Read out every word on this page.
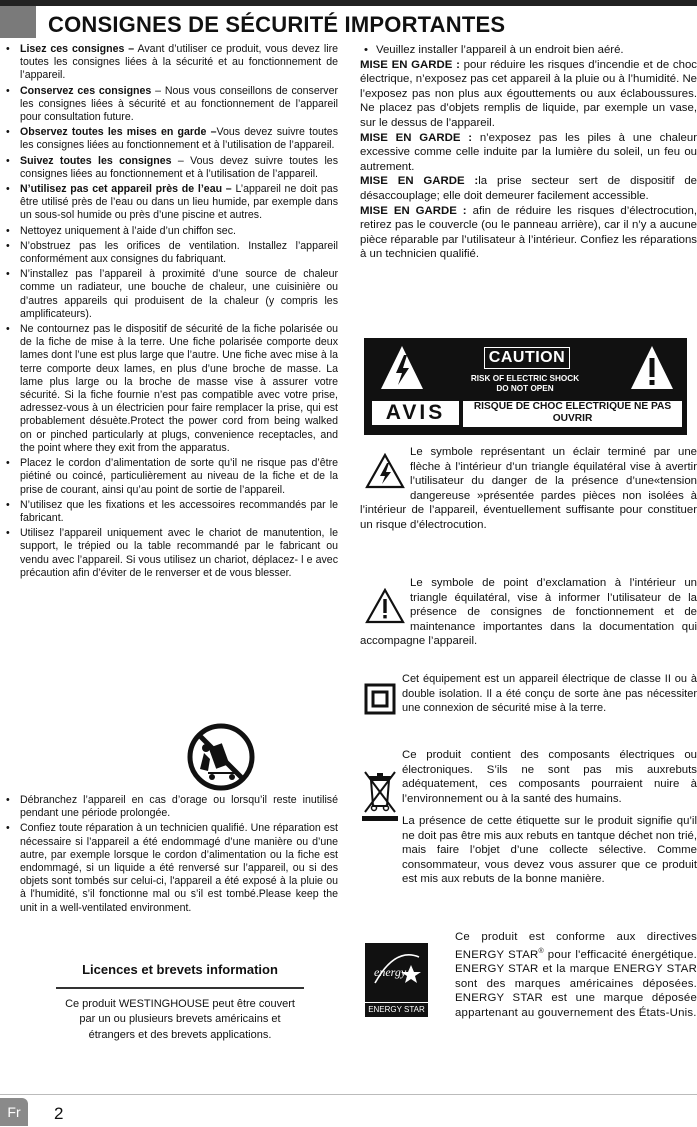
CONSIGNES DE SÉCURITÉ IMPORTANTES
• Lisez ces consignes – Avant d’utiliser ce produit, vous devez lire toutes les consignes liées à la sécurité et au fonctionnement de l’appareil.
• Conservez ces consignes – Nous vous conseillons de conserver les consignes liées à sécurité et au fonctionnement de l’appareil pour consultation future.
• Observez toutes les mises en garde –Vous devez suivre toutes les consignes liées au fonctionnement et à l’utilisation de l’appareil.
• Suivez toutes les consignes – Vous devez suivre toutes les consignes liées au fonctionnement et à l’utilisation de l’appareil.
• N’utilisez pas cet appareil près de l’eau – L’appareil ne doit pas être utilisé près de l’eau ou dans un lieu humide, par exemple dans un sous-sol humide ou près d’une piscine et autres.
• Nettoyez uniquement à l’aide d’un chiffon sec.
• N’obstruez pas les orifices de ventilation. Installez l’appareil conformément aux consignes du fabriquant.
• N’installez pas l’appareil à proximité d’une source de chaleur comme un radiateur, une bouche de chaleur, une cuisinière ou d’autres appareils qui produisent de la chaleur (y compris les amplificateurs).
• Ne contournez pas le dispositif de sécurité de la fiche polarisée ou de la fiche de mise à la terre. Une fiche polarisée comporte deux lames dont l’une est plus large que l’autre. Une fiche avec mise à la terre comporte deux lames, en plus d’une broche de masse. La lame plus large ou la broche de masse vise à assurer votre sécurité. Si la fiche fournie n’est pas compatible avec votre prise, adressez-vous à un électricien pour faire remplacer la prise, qui est probablement désuète.Protect the power cord from being walked on or pinched particularly at plugs, convenience receptacles, and the point where they exit from the apparatus.
• Placez le cordon d’alimentation de sorte qu’il ne risque pas d’être piétiné ou coincé, particulièrement au niveau de la fiche et de la prise de courant, ainsi qu’au point de sortie de l’appareil.
• N’utilisez que les fixations et les accessoires recommandés par le fabricant.
• Utilisez l’appareil uniquement avec le chariot de manutention, le support, le trépied ou la table recommandé par le fabricant ou vendu avec l’appareil. Si vous utilisez un chariot, déplacez- l e avec précaution afin d’éviter de le renverser et de vous blesser.
• Débranchez l’appareil en cas d’orage ou lorsqu’il reste inutilisé pendant une période prolongée.
• Confiez toute réparation à un technicien qualifié. Une réparation est nécessaire si l’appareil a été endommagé d’une manière ou d’une autre, par exemple lorsque le cordon d’alimentation ou la fiche est endommagé, si un liquide a été renversé sur l’appareil, ou si des objets sont tombés sur celui-ci, l'appareil a été exposé à la pluie ou à l'humidité, s’il fonctionne mal ou s’il est tombé.Please keep the unit in a well-ventilated environment.

Licences et brevets information

Ce produit WESTINGHOUSE peut être couvert par un ou plusieurs brevets américains et étrangers et des brevets applications.

• Veuillez installer l’appareil à un endroit bien aéré.

MISE EN GARDE : pour réduire les risques d’incendie et de choc électrique, n’exposez pas cet appareil à la pluie ou à l’humidité. Ne l’exposez pas non plus aux égouttements ou aux éclaboussures. Ne placez pas d’objets remplis de liquide, par exemple un vase, sur le dessus de l’appareil.

MISE EN GARDE : n’exposez pas les piles à une chaleur excessive comme celle induite par la lumière du soleil, un feu ou autrement.

MISE EN GARDE :la prise secteur sert de dispositif de désaccouplage; elle doit demeurer facilement accessible.

MISE EN GARDE : afin de réduire les risques d’électrocution, retirez pas le couvercle (ou le panneau arrière), car il n’y a aucune pièce réparable par l’utilisateur à l’intérieur. Confiez les réparations à un technicien qualifié.

CAUTION
RISK OF ELECTRIC SHOCK
DO NOT OPEN
AVIS	RISQUE DE CHOC ELECTRIQUE NE PAS OUVRIR
Le symbole représentant un éclair terminé par une flèche à l’intérieur d’un triangle équilatéral vise à avertir l’utilisateur du danger de la présence d’une«tension dangereuse »présentée pardes pièces non isolées à l’intérieur de l’appareil, éventuellement suffisante pour constituer un risque d’électrocution.
Le symbole de point d’exclamation à l’intérieur un triangle équilatéral, vise à informer l’utilisateur de la présence de consignes de fonctionnement et de maintenance importantes dans la documentation qui accompagne l’appareil.

Cet équipement est un appareil électrique de classe II ou à double isolation. Il a été conçu de sorte àne pas nécessiter une connexion de sécurité mise à la terre.

Ce produit contient des composants électriques ou électroniques. S’ils ne sont pas mis auxrebuts adéquatement, ces composants pourraient nuire à l’environnement ou à la santé des humains.

La présence de cette étiquette sur le produit signifie qu’il ne doit pas être mis aux rebuts en tantque déchet non trié, mais faire l’objet d’une collecte sélective. Comme consommateur, vous devez vous assurer que ce produit est mis aux rebuts de la bonne manière.

energy
ENERGY STAR

Ce produit est conforme aux directives ENERGY STAR® pour l'efficacité énergétique. ENERGY STAR et la marque ENERGY STAR sont des marques américaines déposées. ENERGY STAR est une marque déposée appartenant au gouvernement des États-Unis.

Fr	2
